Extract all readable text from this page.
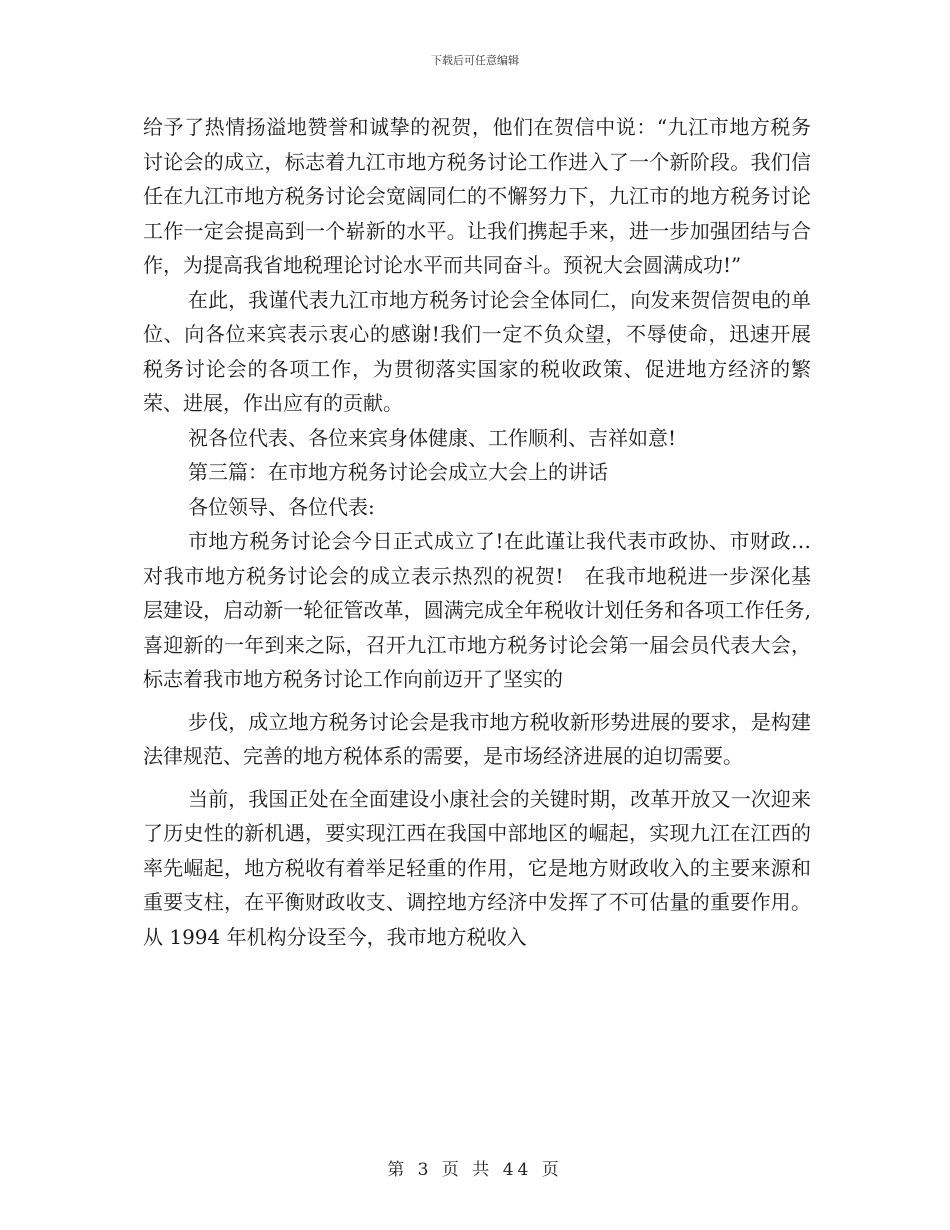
下载后可任意编辑

给予了热情扬溢地赞誉和诚挚的祝贺，他们在贺信中说：“九江市地方税务讨论会的成立，标志着九江市地方税务讨论工作进入了一个新阶段。我们信任在九江市地方税务讨论会宽阔同仁的不懈努力下，九江市的地方税务讨论工作一定会提高到一个崭新的水平。让我们携起手来，进一步加强团结与合作，为提高我省地税理论讨论水平而共同奋斗。预祝大会圆满成功!”

在此，我谨代表九江市地方税务讨论会全体同仁，向发来贺信贺电的单位、向各位来宾表示衷心的感谢!我们一定不负众望，不辱使命，迅速开展税务讨论会的各项工作，为贯彻落实国家的税收政策、促进地方经济的繁荣、进展，作出应有的贡献。

祝各位代表、各位来宾身体健康、工作顺利、吉祥如意!

第三篇：在市地方税务讨论会成立大会上的讲话

各位领导、各位代表:

市地方税务讨论会今日正式成立了!在此谨让我代表市政协、市财政…对我市地方税务讨论会的成立表示热烈的祝贺!　在我市地税进一步深化基层建设，启动新一轮征管改革，圆满完成全年税收计划任务和各项工作任务,喜迎新的一年到来之际，召开九江市地方税务讨论会第一届会员代表大会，标志着我市地方税务讨论工作向前迈开了坚实的

步伐，成立地方税务讨论会是我市地方税收新形势进展的要求，是构建法律规范、完善的地方税体系的需要，是市场经济进展的迫切需要。

当前，我国正处在全面建设小康社会的关键时期，改革开放又一次迎来了历史性的新机遇，要实现江西在我国中部地区的崛起，实现九江在江西的率先崛起，地方税收有着举足轻重的作用，它是地方财政收入的主要来源和重要支柱，在平衡财政收支、调控地方经济中发挥了不可估量的重要作用。从 1994 年机构分设至今，我市地方税收入

第 3 页 共 44 页
